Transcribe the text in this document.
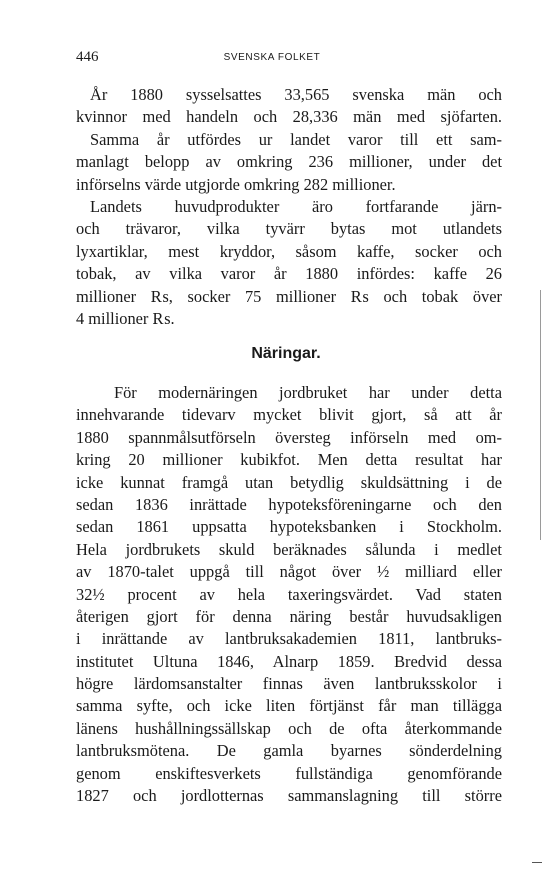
446	SVENSKA FOLKET
År 1880 sysselsattes 33,565 svenska män och
kvinnor med handeln och 28,336 män med sjöfarten.
Samma år utfördes ur landet varor till ett sam-
manlagt belopp av omkring 236 millioner, under det
införselns värde utgjorde omkring 282 millioner.
Landets huvudprodukter äro fortfarande järn-
och trävaror, vilka tyvärr bytas mot utlandets
lyxartiklar, mest kryddor, såsom kaffe, socker och
tobak, av vilka varor år 1880 infördes: kaffe 26
millioner ₨, socker 75 millioner ₨ och tobak över
4 millioner ₨.
Näringar.
För modernäringen jordbruket har under detta
innehvarande tidevarv mycket blivit gjort, så att år
1880 spannmålsutförseln översteg införseln med om-
kring 20 millioner kubikfot. Men detta resultat har
icke kunnat framgå utan betydlig skuldsättning i de
sedan 1836 inrättade hypoteksföreningarne och den
sedan 1861 uppsatta hypoteksbanken i Stockholm.
Hela jordbrukets skuld beräknades sålunda i medlet
av 1870-talet uppgå till något över ½ milliard eller
32½ procent av hela taxeringsvärdet. Vad staten
återigen gjort för denna näring består huvudsakligen
i inrättande av lantbruksakademien 1811, lantbruks-
institutet Ultuna 1846, Alnarp 1859. Bredvid dessa
högre lärdomsanstalter finnas även lantbruksskolor i
samma syfte, och icke liten förtjänst får man tillägga
länens hushållningssällskap och de ofta återkommande
lantbruksmötena. De gamla byarnes sönderdelning
genom enskiftesverkets fullständiga genomförande
1827 och jordlotternas sammanslagning till större
